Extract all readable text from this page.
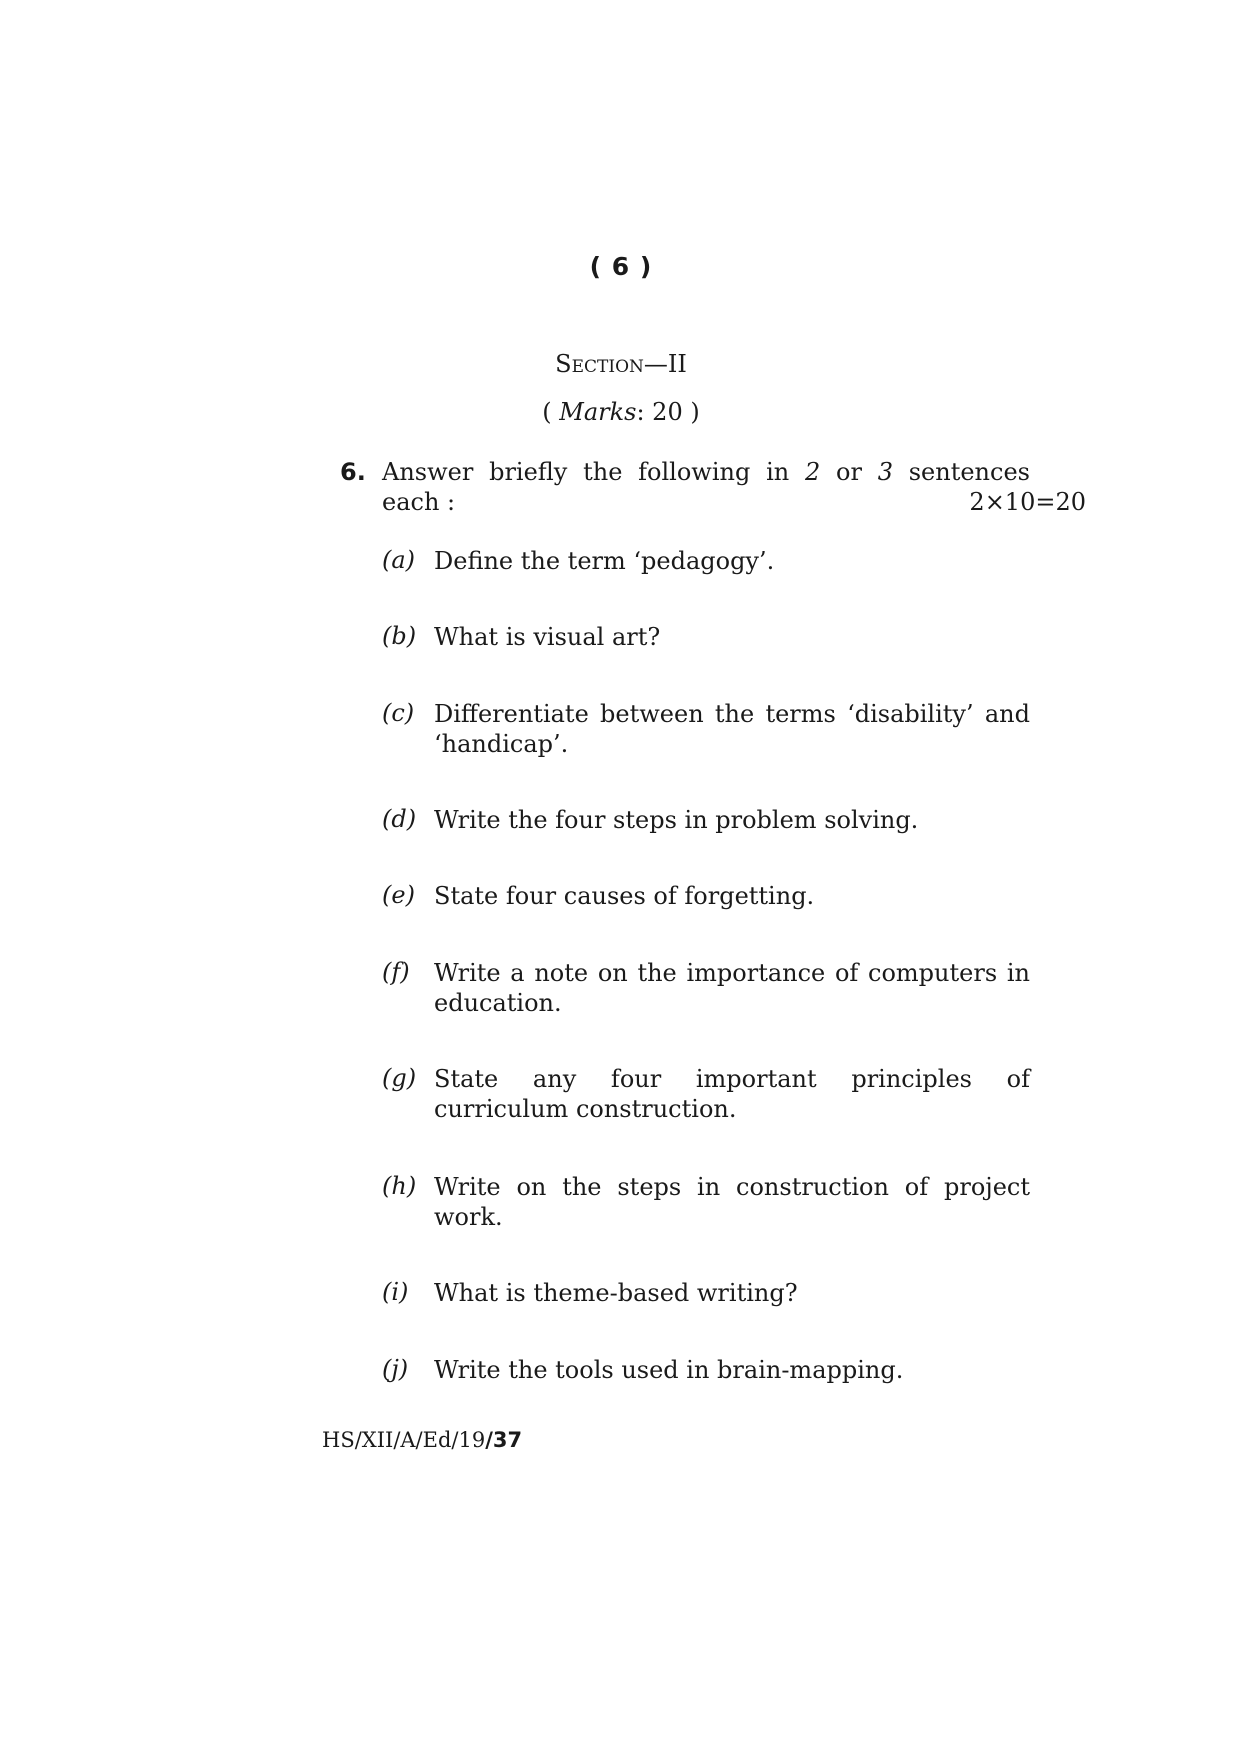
( 6 )
Section—II
( Marks: 20 )
6. Answer briefly the following in 2 or 3 sentences
each :	2×10=20
(a) Define the term ‘pedagogy’.
(b) What is visual art?
(c) Differentiate between the terms ‘disability’ and
‘handicap’.
(d) Write the four steps in problem solving.
(e) State four causes of forgetting.
(f) Write a note on the importance of computers in
education.
(g) State any four important principles of
curriculum construction.
(h) Write on the steps in construction of project
work.
(i) What is theme-based writing?
(j) Write the tools used in brain-mapping.
HS/XII/A/Ed/19/37
